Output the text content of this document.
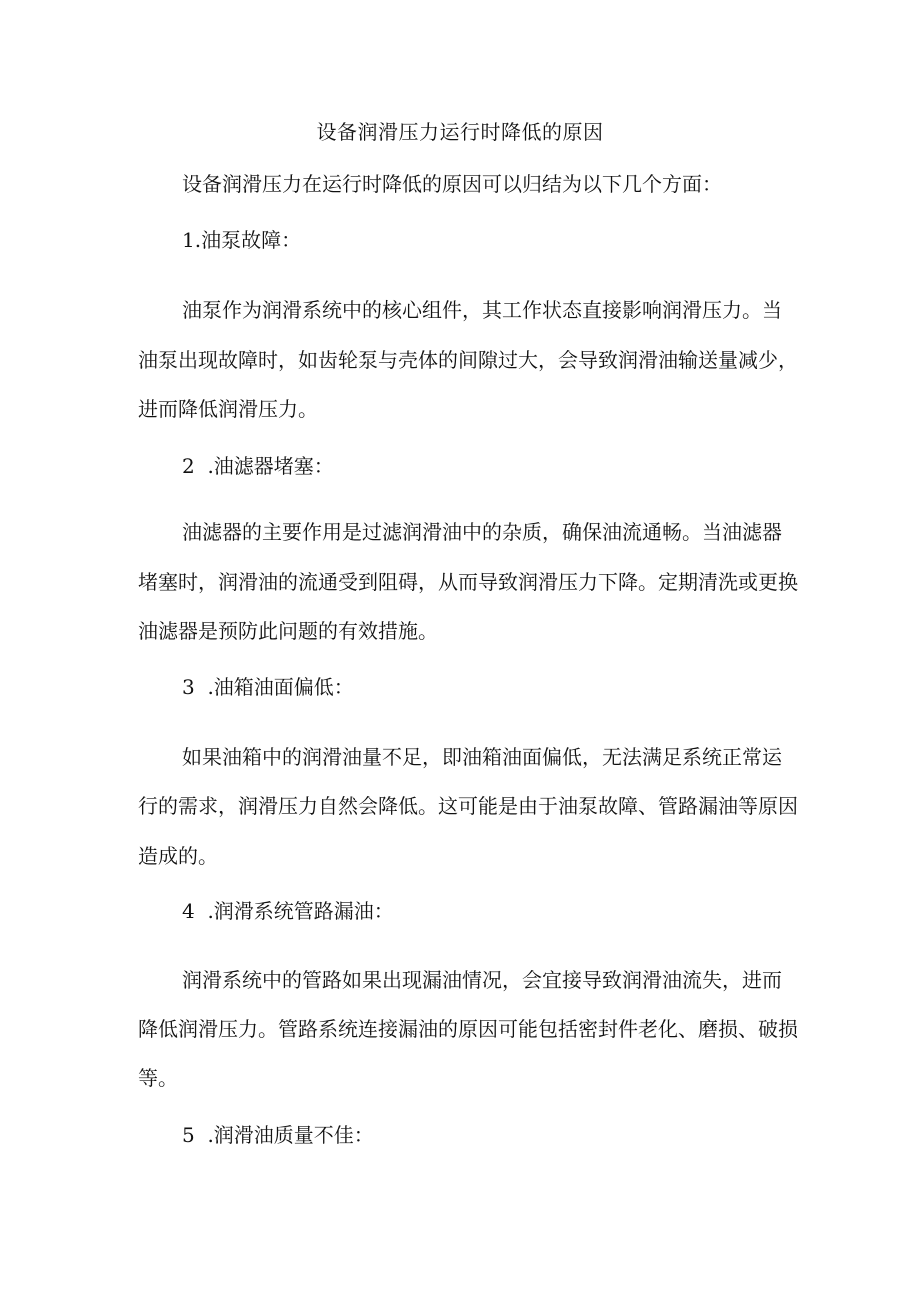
设备润滑压力运行时降低的原因
设备润滑压力在运行时降低的原因可以归结为以下几个方面：
1.油泵故障：
油泵作为润滑系统中的核心组件，其工作状态直接影响润滑压力。当
油泵出现故障时，如齿轮泵与壳体的间隙过大，会导致润滑油输送量减少，
进而降低润滑压力。
2  .油滤器堵塞：
油滤器的主要作用是过滤润滑油中的杂质，确保油流通畅。当油滤器
堵塞时，润滑油的流通受到阻碍，从而导致润滑压力下降。定期清洗或更换
油滤器是预防此问题的有效措施。
3  .油箱油面偏低：
如果油箱中的润滑油量不足，即油箱油面偏低，无法满足系统正常运
行的需求，润滑压力自然会降低。这可能是由于油泵故障、管路漏油等原因
造成的。
4  .润滑系统管路漏油：
润滑系统中的管路如果出现漏油情况，会宜接导致润滑油流失，进而
降低润滑压力。管路系统连接漏油的原因可能包括密封件老化、磨损、破损
等。
5  .润滑油质量不佳：
